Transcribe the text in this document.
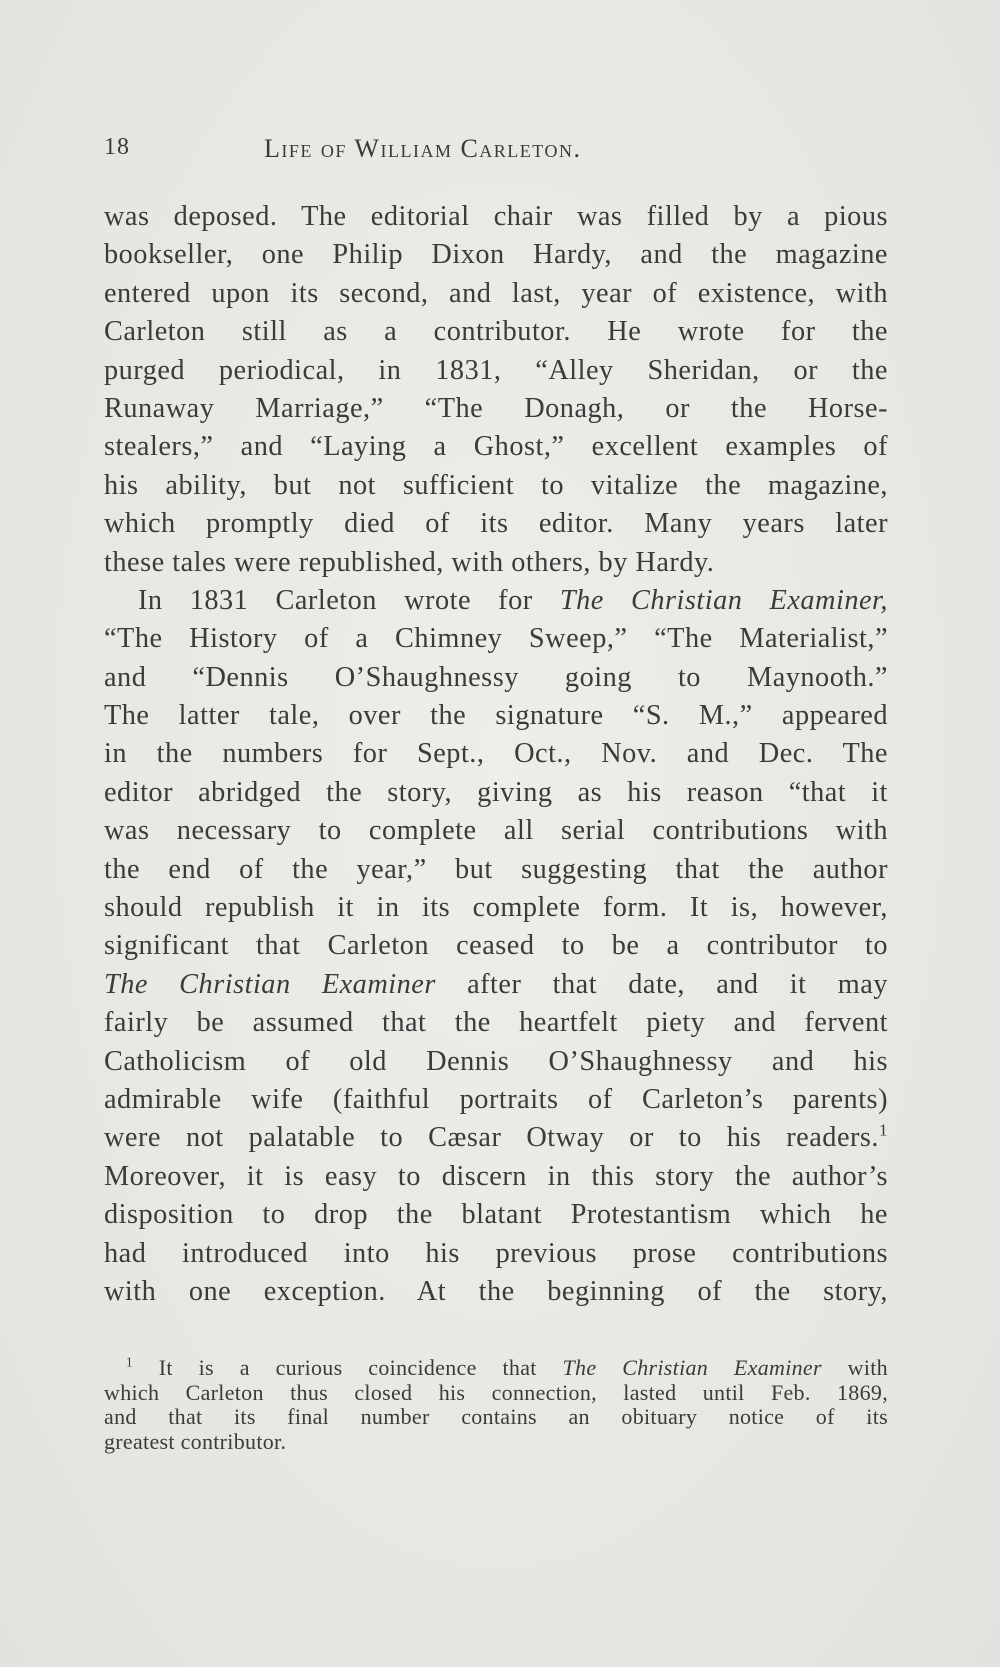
18	Life of William Carleton.
was deposed. The editorial chair was filled by a pious
bookseller, one Philip Dixon Hardy, and the magazine
entered upon its second, and last, year of existence, with
Carleton still as a contributor. He wrote for the
purged periodical, in 1831, “Alley Sheridan, or the
Runaway Marriage,” “The Donagh, or the Horse-
stealers,” and “Laying a Ghost,” excellent examples of
his ability, but not sufficient to vitalize the magazine,
which promptly died of its editor. Many years later
these tales were republished, with others, by Hardy.
In 1831 Carleton wrote for The Christian Examiner,
“The History of a Chimney Sweep,” “The Materialist,”
and “Dennis O’Shaughnessy going to Maynooth.”
The latter tale, over the signature “S. M.,” appeared
in the numbers for Sept., Oct., Nov. and Dec. The
editor abridged the story, giving as his reason “that it
was necessary to complete all serial contributions with
the end of the year,” but suggesting that the author
should republish it in its complete form. It is, however,
significant that Carleton ceased to be a contributor to
The Christian Examiner after that date, and it may
fairly be assumed that the heartfelt piety and fervent
Catholicism of old Dennis O’Shaughnessy and his
admirable wife (faithful portraits of Carleton’s parents)
were not palatable to Cæsar Otway or to his readers.$^1$
Moreover, it is easy to discern in this story the author’s
disposition to drop the blatant Protestantism which he
had introduced into his previous prose contributions
with one exception. At the beginning of the story,
$^1$ It is a curious coincidence that The Christian Examiner with
which Carleton thus closed his connection, lasted until Feb. 1869,
and that its final number contains an obituary notice of its
greatest contributor.
